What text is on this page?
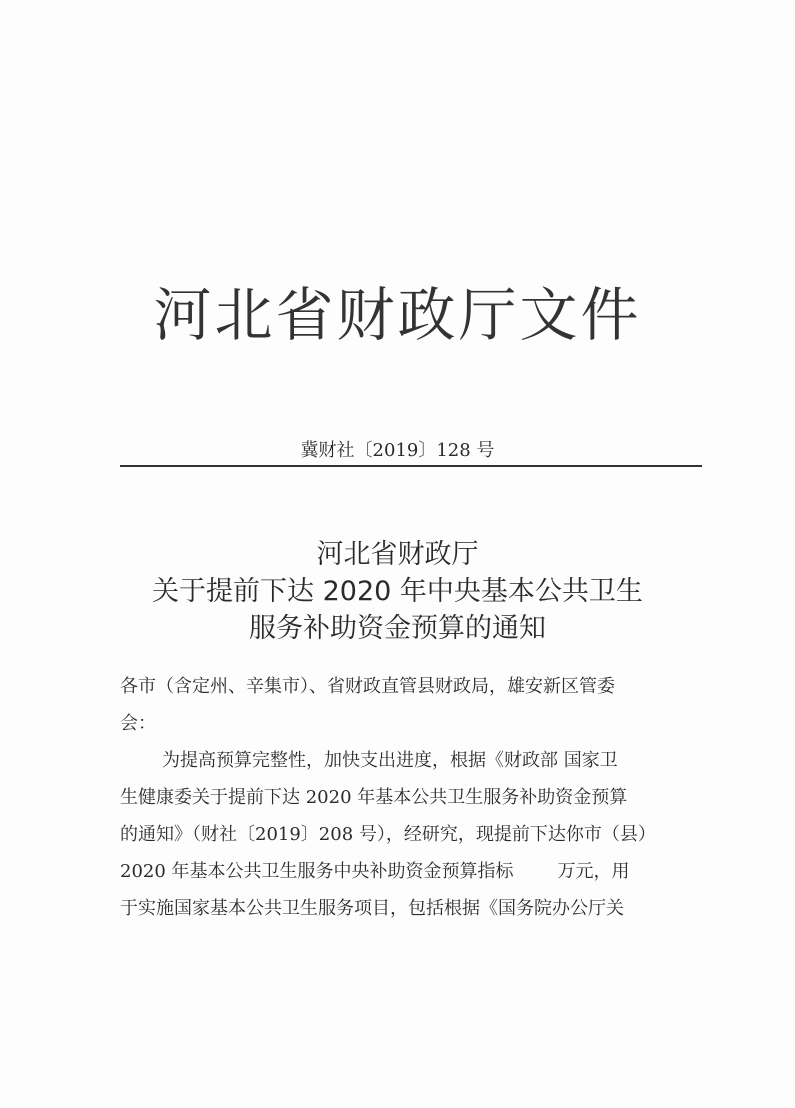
河北省财政厅文件
冀财社〔2019〕128 号
河北省财政厅
关于提前下达 2020 年中央基本公共卫生
服务补助资金预算的通知
各市（含定州、辛集市）、省财政直管县财政局，雄安新区管委
会：
为提高预算完整性，加快支出进度，根据《财政部 国家卫
生健康委关于提前下达 2020 年基本公共卫生服务补助资金预算
的通知》（财社〔2019〕208 号），经研究，现提前下达你市（县）
2020 年基本公共卫生服务中央补助资金预算指标 万元，用
于实施国家基本公共卫生服务项目，包括根据《国务院办公厅关
